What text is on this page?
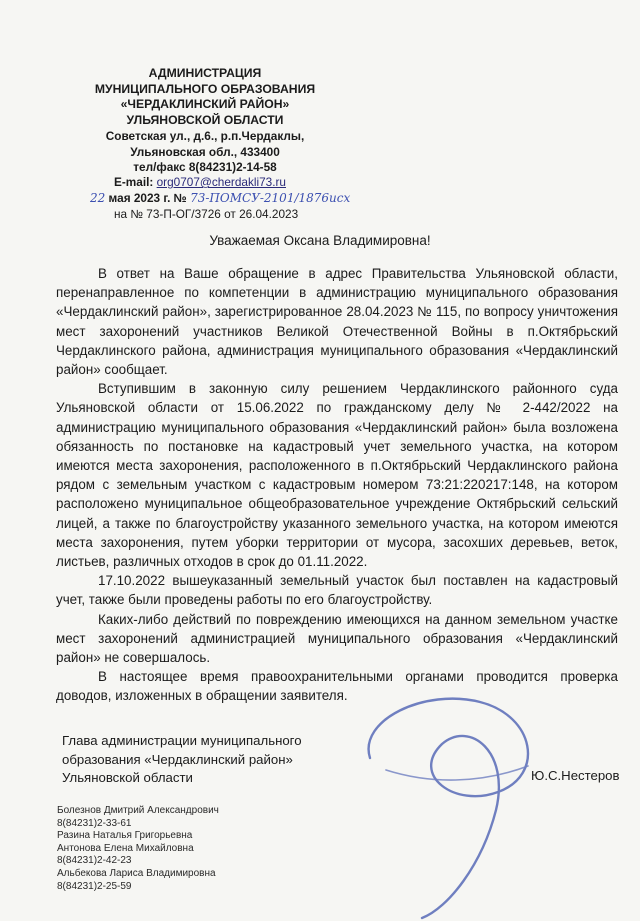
АДМИНИСТРАЦИЯ
МУНИЦИПАЛЬНОГО ОБРАЗОВАНИЯ
«ЧЕРДАКЛИНСКИЙ РАЙОН»
УЛЬЯНОВСКОЙ ОБЛАСТИ
Советская ул., д.6., р.п.Чердаклы,
Ульяновская обл., 433400
тел/факс 8(84231)2-14-58
E-mail: org0707@cherdakli73.ru
22 мая 2023 г. № 73-ПОМСУ-2101/1876исх
на № 73-П-ОГ/3726 от 26.04.2023
Уважаемая Оксана Владимировна!

В ответ на Ваше обращение в адрес Правительства Ульяновской области, перенаправленное по компетенции в администрацию муниципального образования «Чердаклинский район», зарегистрированное 28.04.2023 № 115, по вопросу уничтожения мест захоронений участников Великой Отечественной Войны в п.Октябрьский Чердаклинского района, администрация муниципального образования «Чердаклинский район» сообщает.

Вступившим в законную силу решением Чердаклинского районного суда Ульяновской области от 15.06.2022 по гражданскому делу № 2-442/2022 на администрацию муниципального образования «Чердаклинский район» была возложена обязанность по постановке на кадастровый учет земельного участка, на котором имеются места захоронения, расположенного в п.Октябрьский Чердаклинского района рядом с земельным участком с кадастровым номером 73:21:220217:148, на котором расположено муниципальное общеобразовательное учреждение Октябрьский сельский лицей, а также по благоустройству указанного земельного участка, на котором имеются места захоронения, путем уборки территории от мусора, засохших деревьев, веток, листьев, различных отходов в срок до 01.11.2022.

17.10.2022 вышеуказанный земельный участок был поставлен на кадастровый учет, также были проведены работы по его благоустройству.

Каких-либо действий по повреждению имеющихся на данном земельном участке мест захоронений администрацией муниципального образования «Чердаклинский район» не совершалось.

В настоящее время правоохранительными органами проводится проверка доводов, изложенных в обращении заявителя.

Глава администрации муниципального
образования «Чердаклинский район»
Ульяновской области	Ю.С.Нестеров
Болезнов Дмитрий Александрович
8(84231)2-33-61
Разина Наталья Григорьевна
Антонова Елена Михайловна
8(84231)2-42-23
Альбекова Лариса Владимировна
8(84231)2-25-59
